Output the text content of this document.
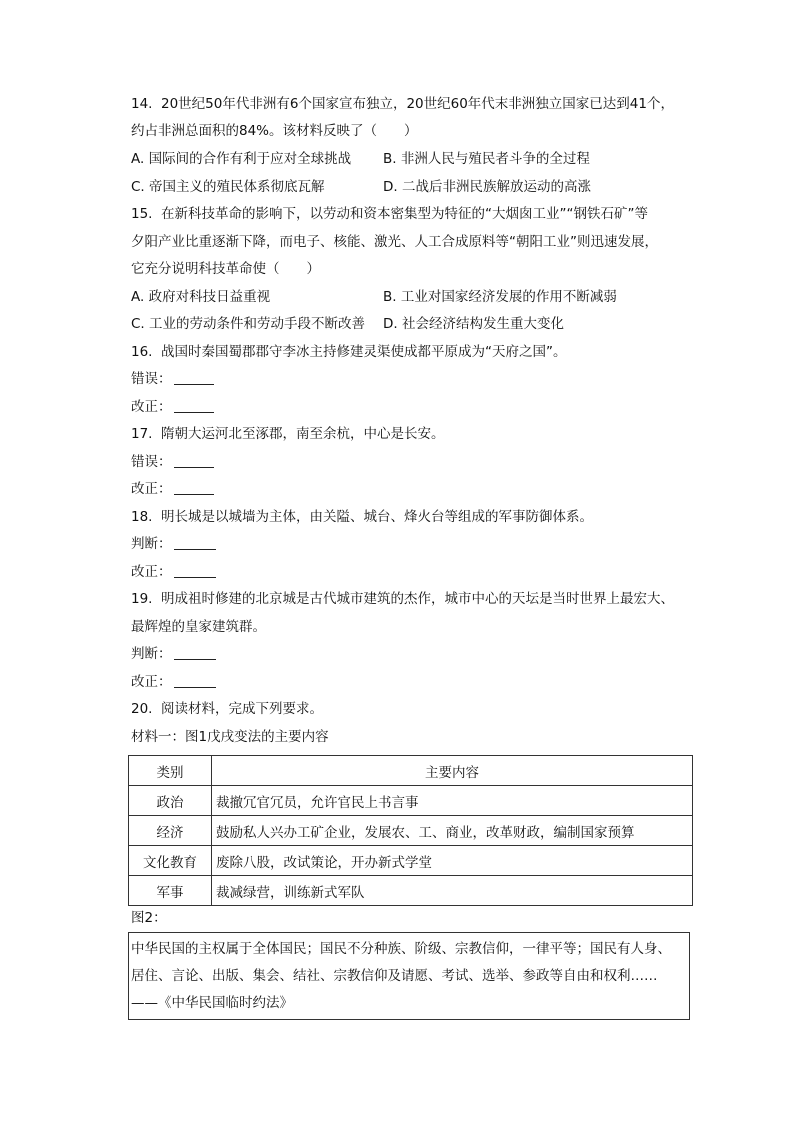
14. 20世纪50年代非洲有6个国家宣布独立，20世纪60年代末非洲独立国家已达到41个，
约占非洲总面积的84%。该材料反映了（　　）
A. 国际间的合作有利于应对全球挑战 B. 非洲人民与殖民者斗争的全过程
C. 帝国主义的殖民体系彻底瓦解	D. 二战后非洲民族解放运动的高涨
15. 在新科技革命的影响下，以劳动和资本密集型为特征的“大烟囱工业”“钢铁石矿”等
夕阳产业比重逐渐下降，而电子、核能、激光、人工合成原料等“朝阳工业”则迅速发展，
它充分说明科技革命使（　　）
A. 政府对科技日益重视	B. 工业对国家经济发展的作用不断减弱
C. 工业的劳动条件和劳动手段不断改善 D. 社会经济结构发生重大变化
16. 战国时秦国蜀郡郡守李冰主持修建灵渠使成都平原成为“天府之国”。
错误：
改正：
17. 隋朝大运河北至涿郡，南至余杭，中心是长安。
错误：
改正：
18. 明长城是以城墙为主体，由关隘、城台、烽火台等组成的军事防御体系。
判断：
改正：
19. 明成祖时修建的北京城是古代城市建筑的杰作，城市中心的天坛是当时世界上最宏大、
最辉煌的皇家建筑群。
判断：
改正：
20. 阅读材料，完成下列要求。
材料一：图1戊戌变法的主要内容
类别	主要内容
政治	裁撤冗官冗员，允许官民上书言事
经济	鼓励私人兴办工矿企业，发展农、工、商业，改革财政，编制国家预算
文化教育	废除八股，改试策论，开办新式学堂
军事	裁减绿营，训练新式军队
图2：
中华民国的主权属于全体国民；国民不分种族、阶级、宗教信仰，一律平等；国民有人身、
居住、言论、出版、集会、结社、宗教信仰及请愿、考试、选举、参政等自由和权利……
——《中华民国临时约法》
